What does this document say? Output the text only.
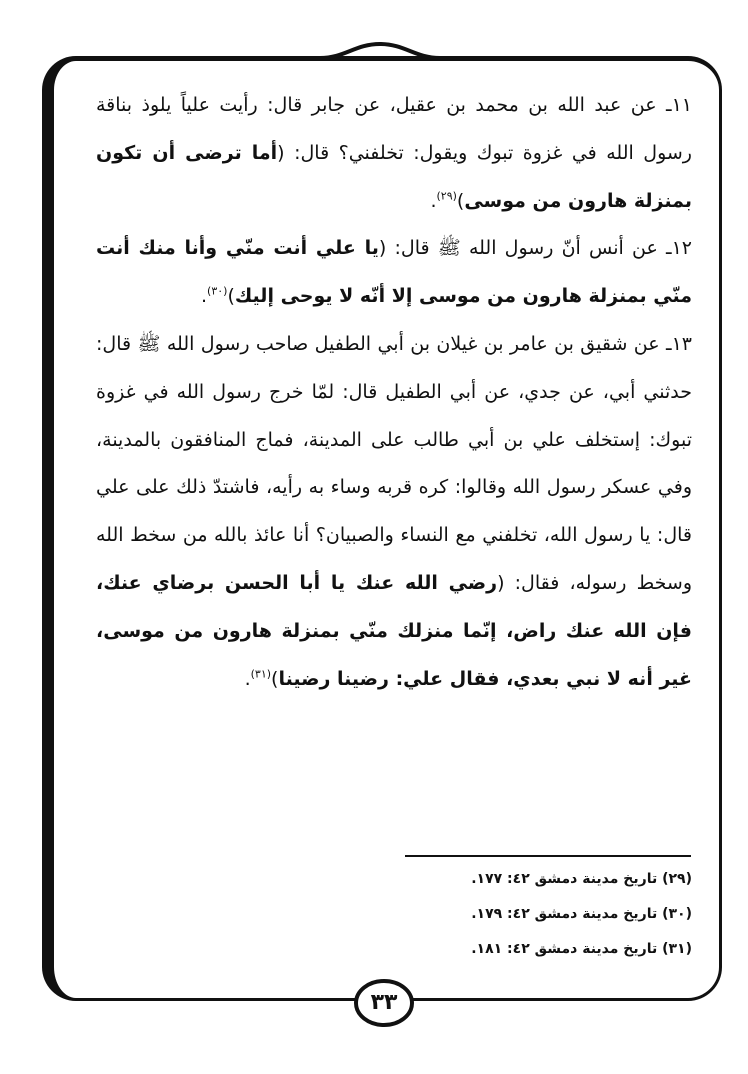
١١ـ عن عبد الله بن محمد بن عقيل، عن جابر قال: رأيت علياً يلوذ بناقة رسول الله في غزوة تبوك ويقول: تخلفني؟ قال: (أما ترضى أن تكون بمنزلة هارون من موسى)$^{(٢٩)}$.

١٢ـ عن أنس أنّ رسول الله ﷺ قال: (يا علي أنت منّي وأنا منك أنت منّي بمنزلة هارون من موسى إلا أنّه لا يوحى إليك)$^{(٣٠)}$.

١٣ـ عن شقيق بن عامر بن غيلان بن أبي الطفيل صاحب رسول الله ﷺ قال: حدثني أبي، عن جدي، عن أبي الطفيل قال: لمّا خرج رسول الله في غزوة تبوك: إستخلف علي بن أبي طالب على المدينة، فماج المنافقون بالمدينة، وفي عسكر رسول الله وقالوا: كره قربه وساء به رأيه، فاشتدّ ذلك على علي قال: يا رسول الله، تخلفني مع النساء والصبيان؟ أنا عائذ بالله من سخط الله وسخط رسوله، فقال: (رضي الله عنك يا أبا الحسن برضاي عنك، فإن الله عنك راض، إنّما منزلك منّي بمنزلة هارون من موسى، غير أنه لا نبي بعدي، فقال علي: رضينا رضينا)$^{(٣١)}$.

(٢٩) تاريخ مدينة دمشق ٤٢: ١٧٧.

(٣٠) تاريخ مدينة دمشق ٤٢: ١٧٩.

(٣١) تاريخ مدينة دمشق ٤٢: ١٨١.

٣٣
